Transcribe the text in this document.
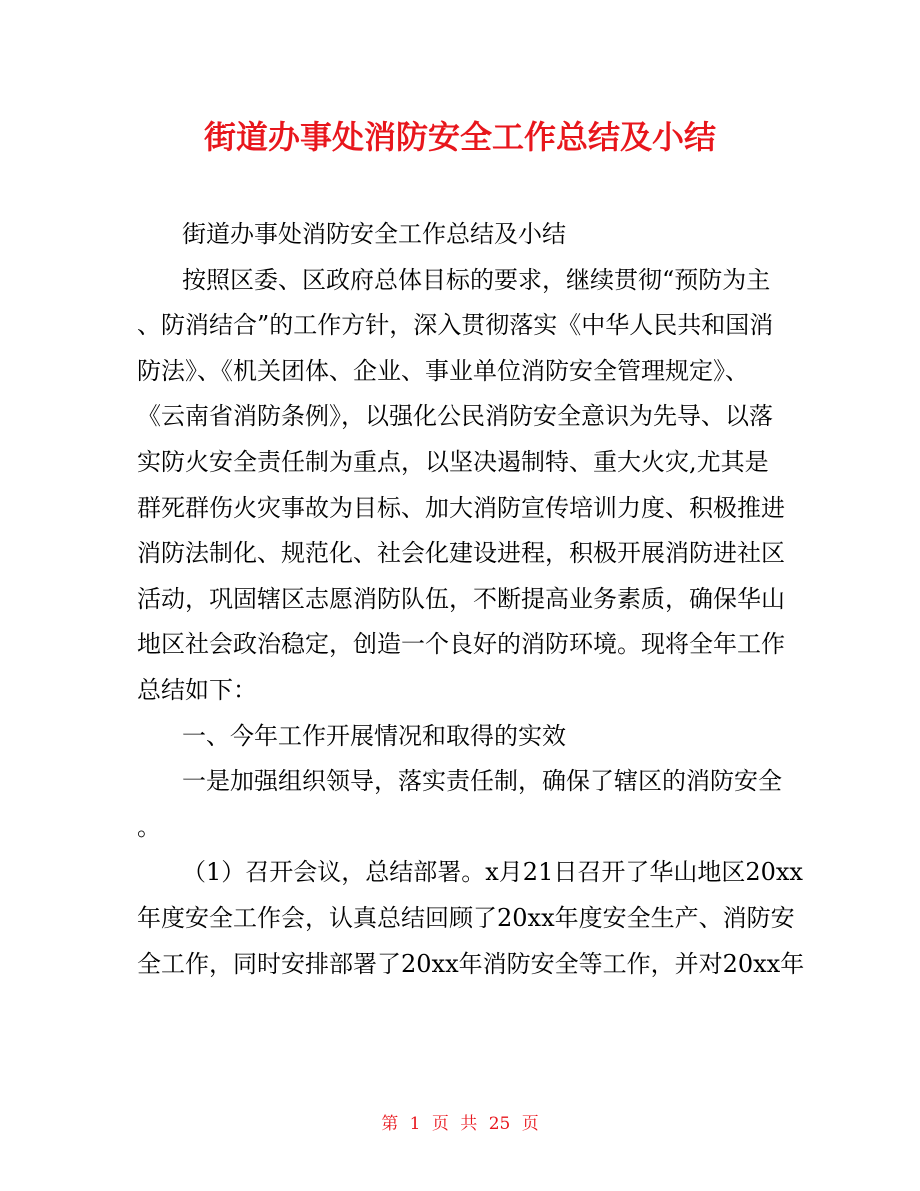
街道办事处消防安全工作总结及小结
街道办事处消防安全工作总结及小结
按照区委、区政府总体目标的要求，继续贯彻“预防为主
、防消结合”的工作方针，深入贯彻落实《中华人民共和国消
防法》、《机关团体、企业、事业单位消防安全管理规定》、
《云南省消防条例》，以强化公民消防安全意识为先导、以落
实防火安全责任制为重点，以坚决遏制特、重大火灾,尤其是
群死群伤火灾事故为目标、加大消防宣传培训力度、积极推进
消防法制化、规范化、社会化建设进程，积极开展消防进社区
活动，巩固辖区志愿消防队伍，不断提高业务素质，确保华山
地区社会政治稳定，创造一个良好的消防环境。现将全年工作
总结如下：
一、今年工作开展情况和取得的实效
一是加强组织领导，落实责任制，确保了辖区的消防安全
。
（1）召开会议，总结部署。x月21日召开了华山地区20xx
年度安全工作会，认真总结回顾了20xx年度安全生产、消防安
全工作，同时安排部署了20xx年消防安全等工作，并对20xx年
第 1 页 共 25 页
